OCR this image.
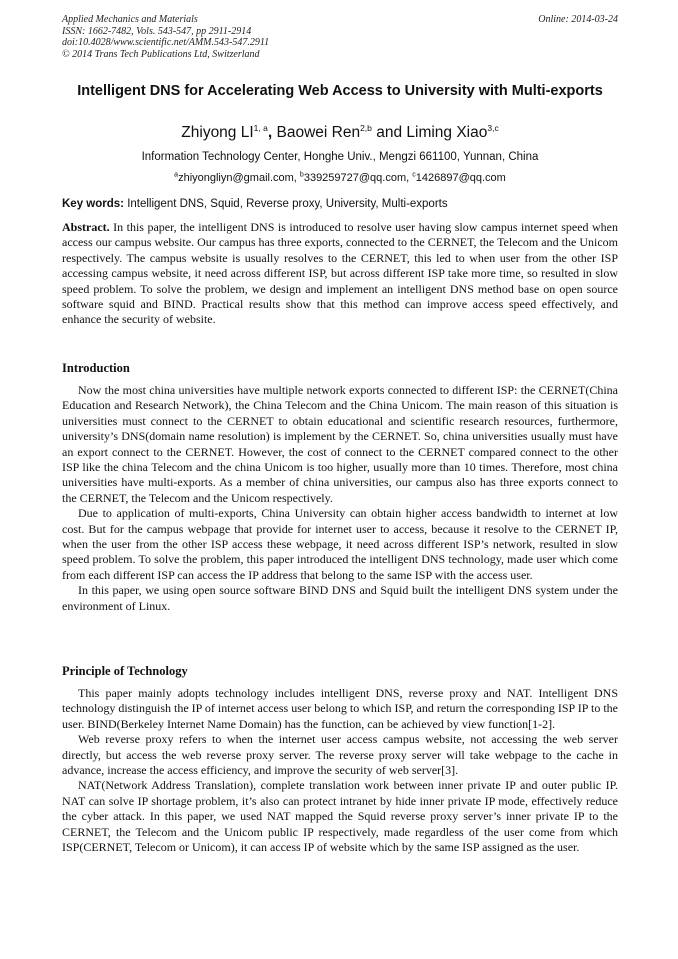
Applied Mechanics and Materials
ISSN: 1662-7482, Vols. 543-547, pp 2911-2914
doi:10.4028/www.scientific.net/AMM.543-547.2911
© 2014 Trans Tech Publications Ltd, Switzerland
Online: 2014-03-24
Intelligent DNS for Accelerating Web Access to University with Multi-exports
Zhiyong LI$^{1, a}$, Baowei Ren$^{2,b}$ and Liming Xiao$^{3,c}$
Information Technology Center, Honghe Univ., Mengzi 661100, Yunnan, China
$^a$zhiyongliyn@gmail.com, $^b$339259727@qq.com, $^c$1426897@qq.com
Key words: Intelligent DNS, Squid, Reverse proxy, University, Multi-exports

Abstract. In this paper, the intelligent DNS is introduced to resolve user having slow campus internet speed when access our campus website. Our campus has three exports, connected to the CERNET, the Telecom and the Unicom respectively. The campus website is usually resolves to the CERNET, this led to when user from the other ISP accessing campus website, it need across different ISP, but across different ISP take more time, so resulted in slow speed problem. To solve the problem, we design and implement an intelligent DNS method base on open source software squid and BIND. Practical results show that this method can improve access speed effectively, and enhance the security of website.

Introduction

Now the most china universities have multiple network exports connected to different ISP: the CERNET(China Education and Research Network), the China Telecom and the China Unicom. The main reason of this situation is universities must connect to the CERNET to obtain educational and scientific research resources, furthermore, university’s DNS(domain name resolution) is implement by the CERNET. So, china universities usually must have an export connect to the CERNET. However, the cost of connect to the CERNET compared connect to the other ISP like the china Telecom and the china Unicom is too higher, usually more than 10 times. Therefore, most china universities have multi-exports. As a member of china universities, our campus also has three exports connect to the CERNET, the Telecom and the Unicom respectively.

Due to application of multi-exports, China University can obtain higher access bandwidth to internet at low cost. But for the campus webpage that provide for internet user to access, because it resolve to the CERNET IP, when the user from the other ISP access these webpage, it need across different ISP’s network, resulted in slow speed problem. To solve the problem, this paper introduced the intelligent DNS technology, made user which come from each different ISP can access the IP address that belong to the same ISP with the access user.

In this paper, we using open source software BIND DNS and Squid built the intelligent DNS system under the environment of Linux.

Principle of Technology

This paper mainly adopts technology includes intelligent DNS, reverse proxy and NAT. Intelligent DNS technology distinguish the IP of internet access user belong to which ISP, and return the corresponding ISP IP to the user. BIND(Berkeley Internet Name Domain) has the function, can be achieved by view function[1-2].

Web reverse proxy refers to when the internet user access campus website, not accessing the web server directly, but access the web reverse proxy server. The reverse proxy server will take webpage to the cache in advance, increase the access efficiency, and improve the security of web server[3].

NAT(Network Address Translation), complete translation work between inner private IP and outer public IP. NAT can solve IP shortage problem, it’s also can protect intranet by hide inner private IP mode, effectively reduce the cyber attack. In this paper, we used NAT mapped the Squid reverse proxy server’s inner private IP to the CERNET, the Telecom and the Unicom public IP respectively, made regardless of the user come from which ISP(CERNET, Telecom or Unicom), it can access IP of website which by the same ISP assigned as the user.
